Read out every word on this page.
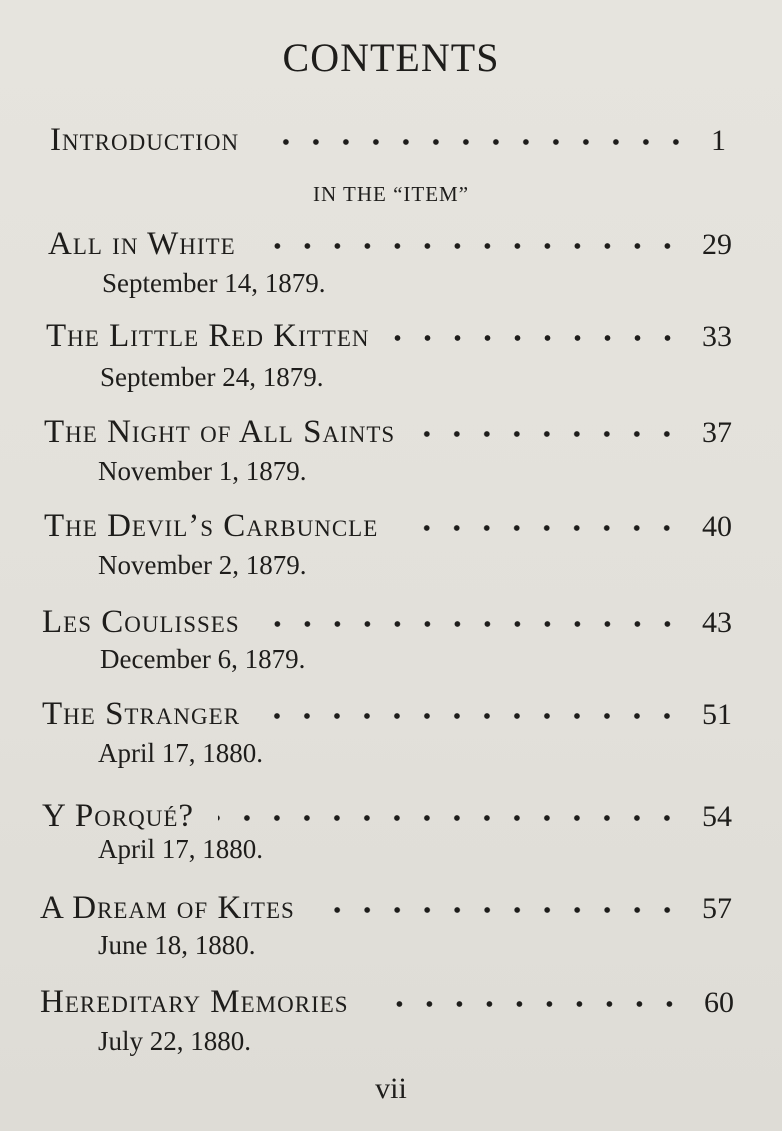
CONTENTS
Introduction	1
IN THE “ITEM”
All in White	29
September 14, 1879.
The Little Red Kitten	33
September 24, 1879.
The Night of All Saints	37
November 1, 1879.
The Devil’s Carbuncle	40
November 2, 1879.
Les Coulisses	43
December 6, 1879.
The Stranger	51
April 17, 1880.
Y Porqué?	54
April 17, 1880.
A Dream of Kites	57
June 18, 1880.
Hereditary Memories	60
July 22, 1880.
vii
